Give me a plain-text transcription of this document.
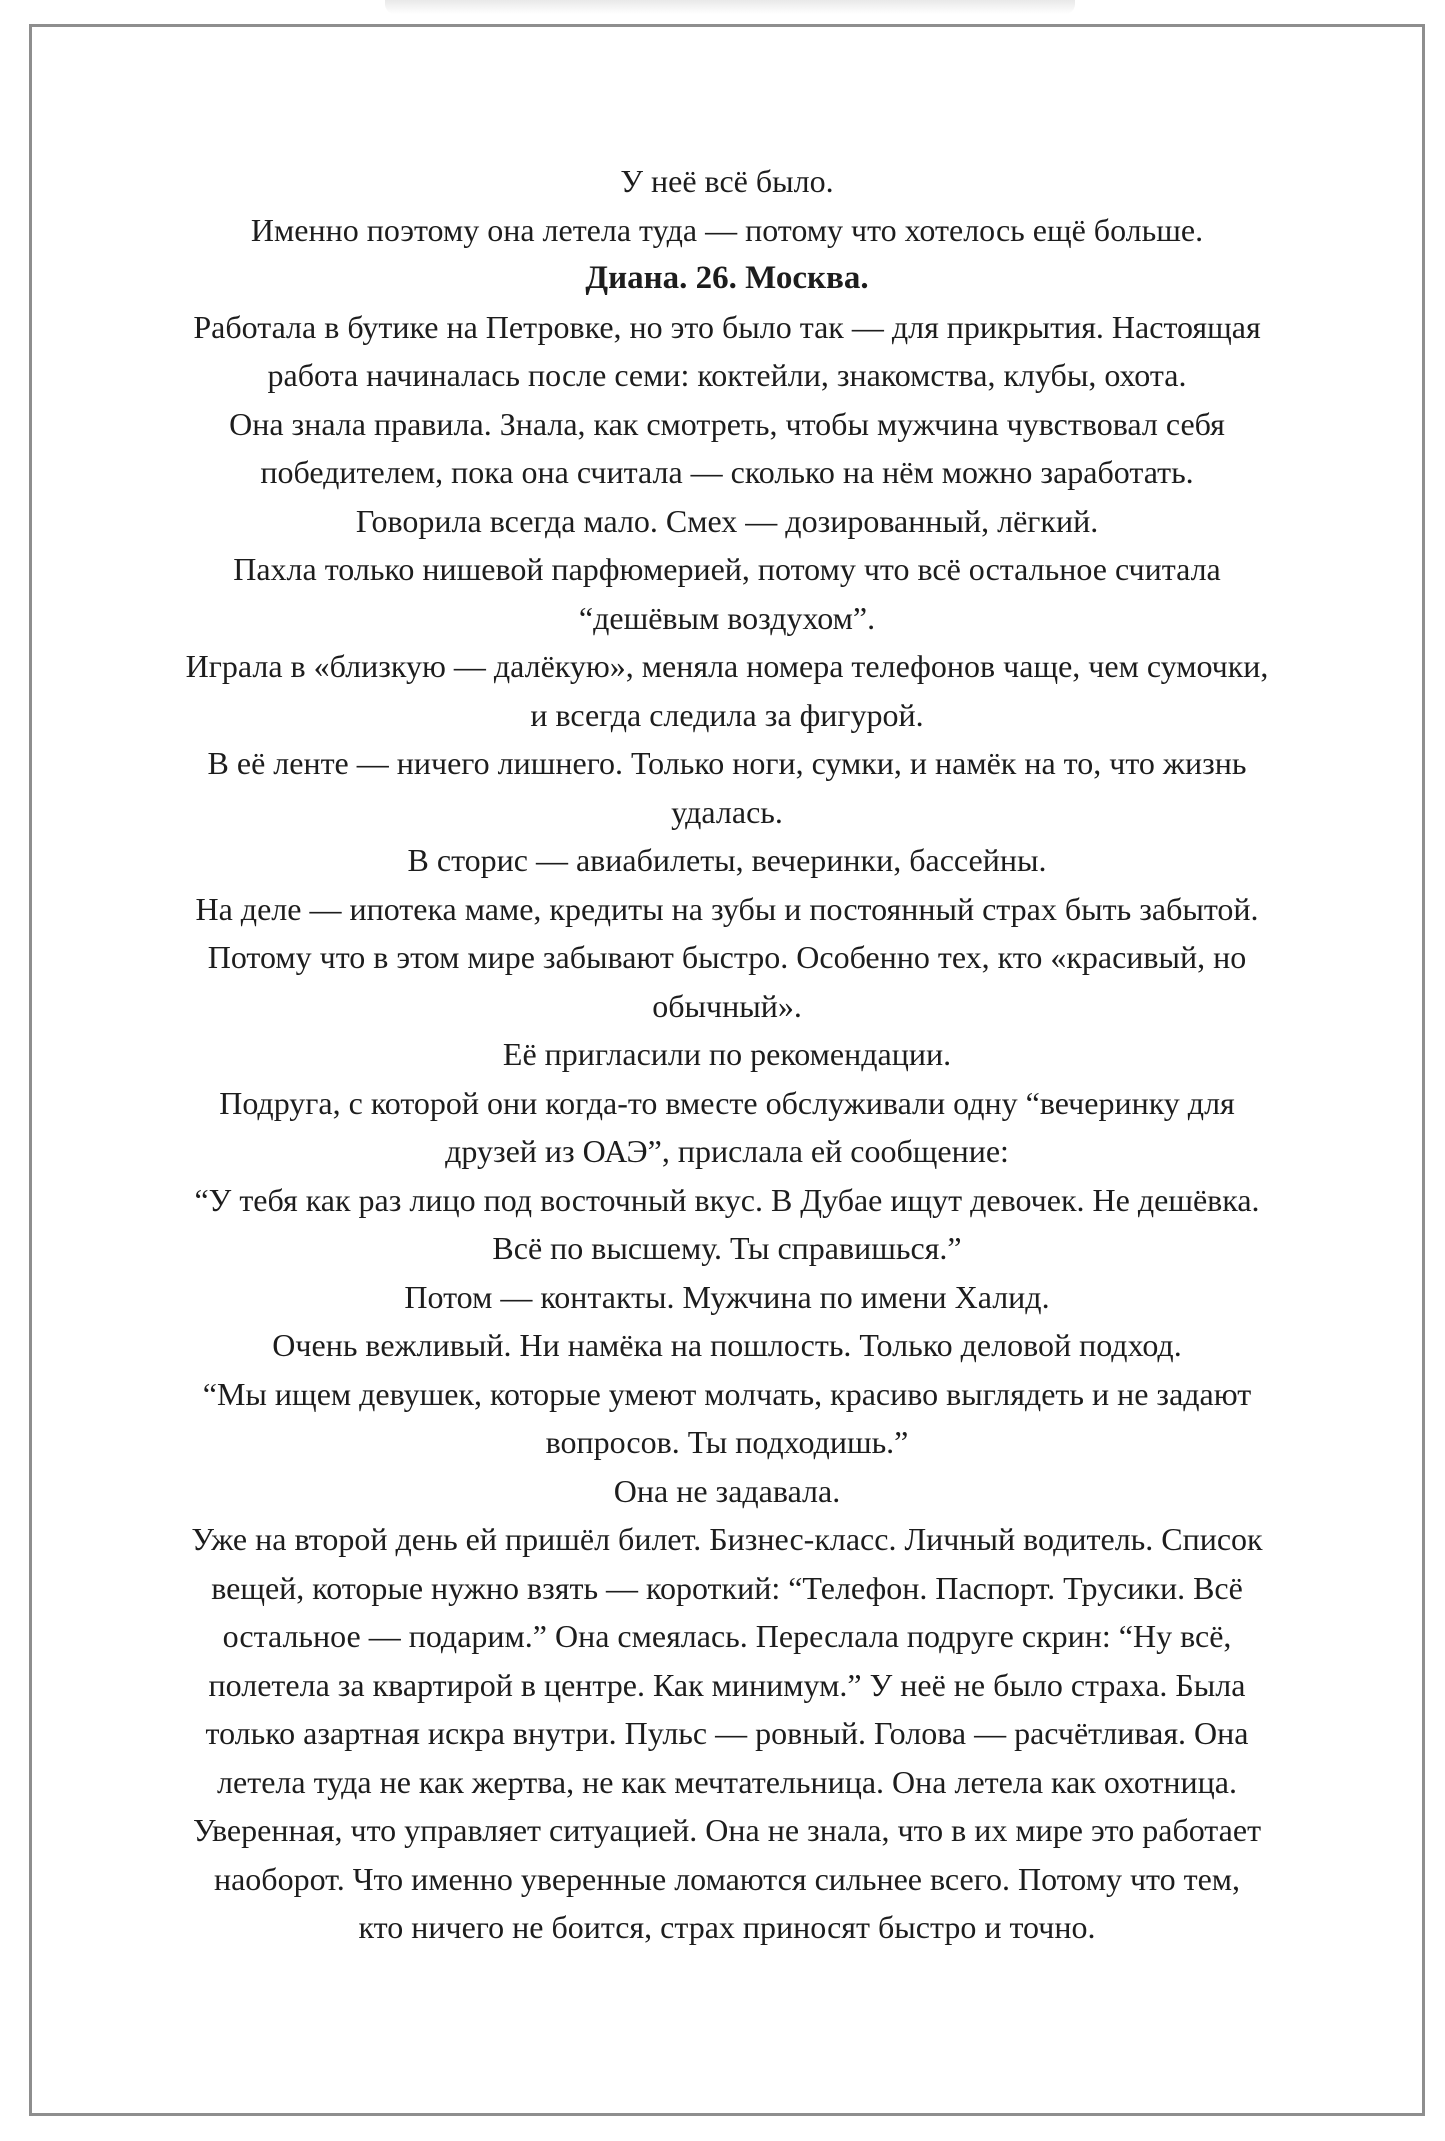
У неё всё было.
Именно поэтому она летела туда — потому что хотелось ещё больше.
Диана. 26. Москва.
Работала в бутике на Петровке, но это было так — для прикрытия. Настоящая
работа начиналась после семи: коктейли, знакомства, клубы, охота.
Она знала правила. Знала, как смотреть, чтобы мужчина чувствовал себя
победителем, пока она считала — сколько на нём можно заработать.
Говорила всегда мало. Смех — дозированный, лёгкий.
Пахла только нишевой парфюмерией, потому что всё остальное считала
“дешёвым воздухом”.
Играла в «близкую — далёкую», меняла номера телефонов чаще, чем сумочки,
и всегда следила за фигурой.
В её ленте — ничего лишнего. Только ноги, сумки, и намёк на то, что жизнь
удалась.
В сторис — авиабилеты, вечеринки, бассейны.
На деле — ипотека маме, кредиты на зубы и постоянный страх быть забытой.
Потому что в этом мире забывают быстро. Особенно тех, кто «красивый, но
обычный».
Её пригласили по рекомендации.
Подруга, с которой они когда-то вместе обслуживали одну “вечеринку для
друзей из ОАЭ”, прислала ей сообщение:
“У тебя как раз лицо под восточный вкус. В Дубае ищут девочек. Не дешёвка.
Всё по высшему. Ты справишься.”
Потом — контакты. Мужчина по имени Халид.
Очень вежливый. Ни намёка на пошлость. Только деловой подход.
“Мы ищем девушек, которые умеют молчать, красиво выглядеть и не задают
вопросов. Ты подходишь.”
Она не задавала.
Уже на второй день ей пришёл билет. Бизнес-класс. Личный водитель. Список
вещей, которые нужно взять — короткий: “Телефон. Паспорт. Трусики. Всё
остальное — подарим.” Она смеялась. Переслала подруге скрин: “Ну всё,
полетела за квартирой в центре. Как минимум.” У неё не было страха. Была
только азартная искра внутри. Пульс — ровный. Голова — расчётливая. Она
летела туда не как жертва, не как мечтательница. Она летела как охотница.
Уверенная, что управляет ситуацией. Она не знала, что в их мире это работает
наоборот. Что именно уверенные ломаются сильнее всего. Потому что тем,
кто ничего не боится, страх приносят быстро и точно.
